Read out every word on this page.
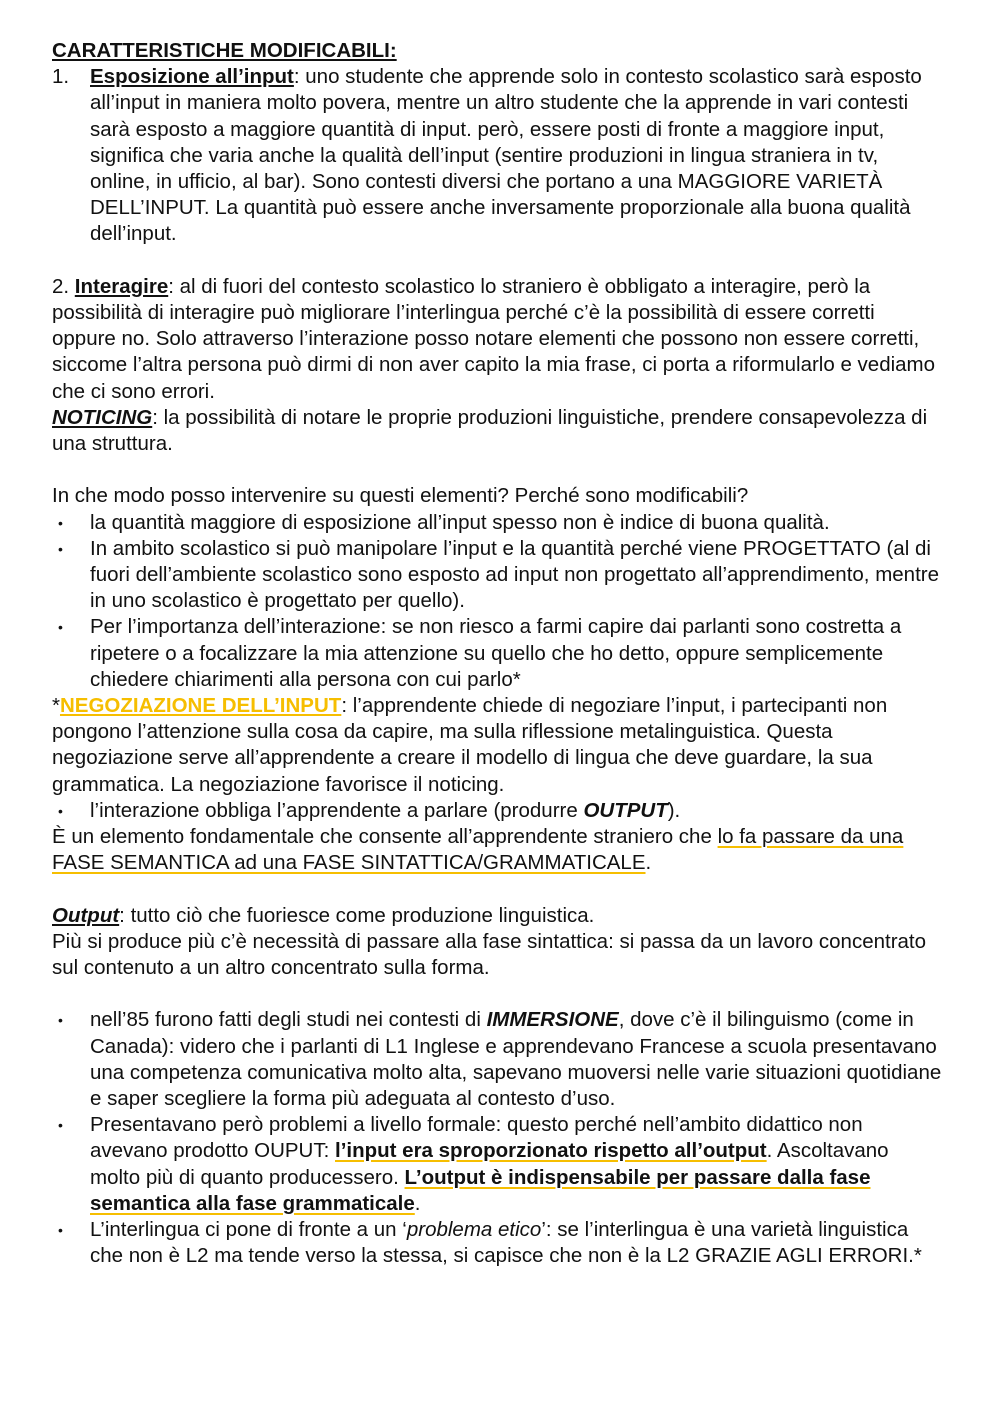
CARATTERISTICHE MODIFICABILI:

1.	Esposizione all’input: uno studente che apprende solo in contesto scolastico sarà esposto all’input in maniera molto povera, mentre un altro studente che la apprende in vari contesti sarà esposto a maggiore quantità di input. però, essere posti di fronte a maggiore input, significa che varia anche la qualità dell’input (sentire produzioni in lingua straniera in tv, online, in ufficio, al bar). Sono contesti diversi che portano a una MAGGIORE VARIETÀ DELL’INPUT. La quantità può essere anche inversamente proporzionale alla buona qualità dell’input.

2. Interagire: al di fuori del contesto scolastico lo straniero è obbligato a interagire, però la possibilità di interagire può migliorare l’interlingua perché c’è la possibilità di essere corretti oppure no. Solo attraverso l’interazione posso notare elementi che possono non essere corretti, siccome l’altra persona può dirmi di non aver capito la mia frase, ci porta a riformularlo e vediamo che ci sono errori.

NOTICING: la possibilità di notare le proprie produzioni linguistiche, prendere consapevolezza di una struttura.

In che modo posso intervenire su questi elementi? Perché sono modificabili?

•	la quantità maggiore di esposizione all’input spesso non è indice di buona qualità.
•	In ambito scolastico si può manipolare l’input e la quantità perché viene PROGETTATO (al di fuori dell’ambiente scolastico sono esposto ad input non progettato all’apprendimento, mentre in uno scolastico è progettato per quello).
•	Per l’importanza dell’interazione: se non riesco a farmi capire dai parlanti sono costretta a ripetere o a focalizzare la mia attenzione su quello che ho detto, oppure semplicemente chiedere chiarimenti alla persona con cui parlo*

*NEGOZIAZIONE DELL’INPUT: l’apprendente chiede di negoziare l’input, i partecipanti non pongono l’attenzione sulla cosa da capire, ma sulla riflessione metalinguistica. Questa negoziazione serve all’apprendente a creare il modello di lingua che deve guardare, la sua grammatica. La negoziazione favorisce il noticing.

•	l’interazione obbliga l’apprendente a parlare (produrre OUTPUT).

È un elemento fondamentale che consente all’apprendente straniero che lo fa passare da una FASE SEMANTICA ad una FASE SINTATTICA/GRAMMATICALE.

Output: tutto ciò che fuoriesce come produzione linguistica.

Più si produce più c’è necessità di passare alla fase sintattica: si passa da un lavoro concentrato sul contenuto a un altro concentrato sulla forma.

•	nell’85 furono fatti degli studi nei contesti di IMMERSIONE, dove c’è il bilinguismo (come in Canada): videro che i parlanti di L1 Inglese e apprendevano Francese a scuola presentavano una competenza comunicativa molto alta, sapevano muoversi nelle varie situazioni quotidiane e saper scegliere la forma più adeguata al contesto d’uso.
•	Presentavano però problemi a livello formale: questo perché nell’ambito didattico non avevano prodotto OUPUT: l’input era sproporzionato rispetto all’output. Ascoltavano molto più di quanto producessero. L’output è indispensabile per passare dalla fase semantica alla fase grammaticale.
•	L’interlingua ci pone di fronte a un ‘problema etico’: se l’interlingua è una varietà linguistica che non è L2 ma tende verso la stessa, si capisce che non è la L2 GRAZIE AGLI ERRORI.*
